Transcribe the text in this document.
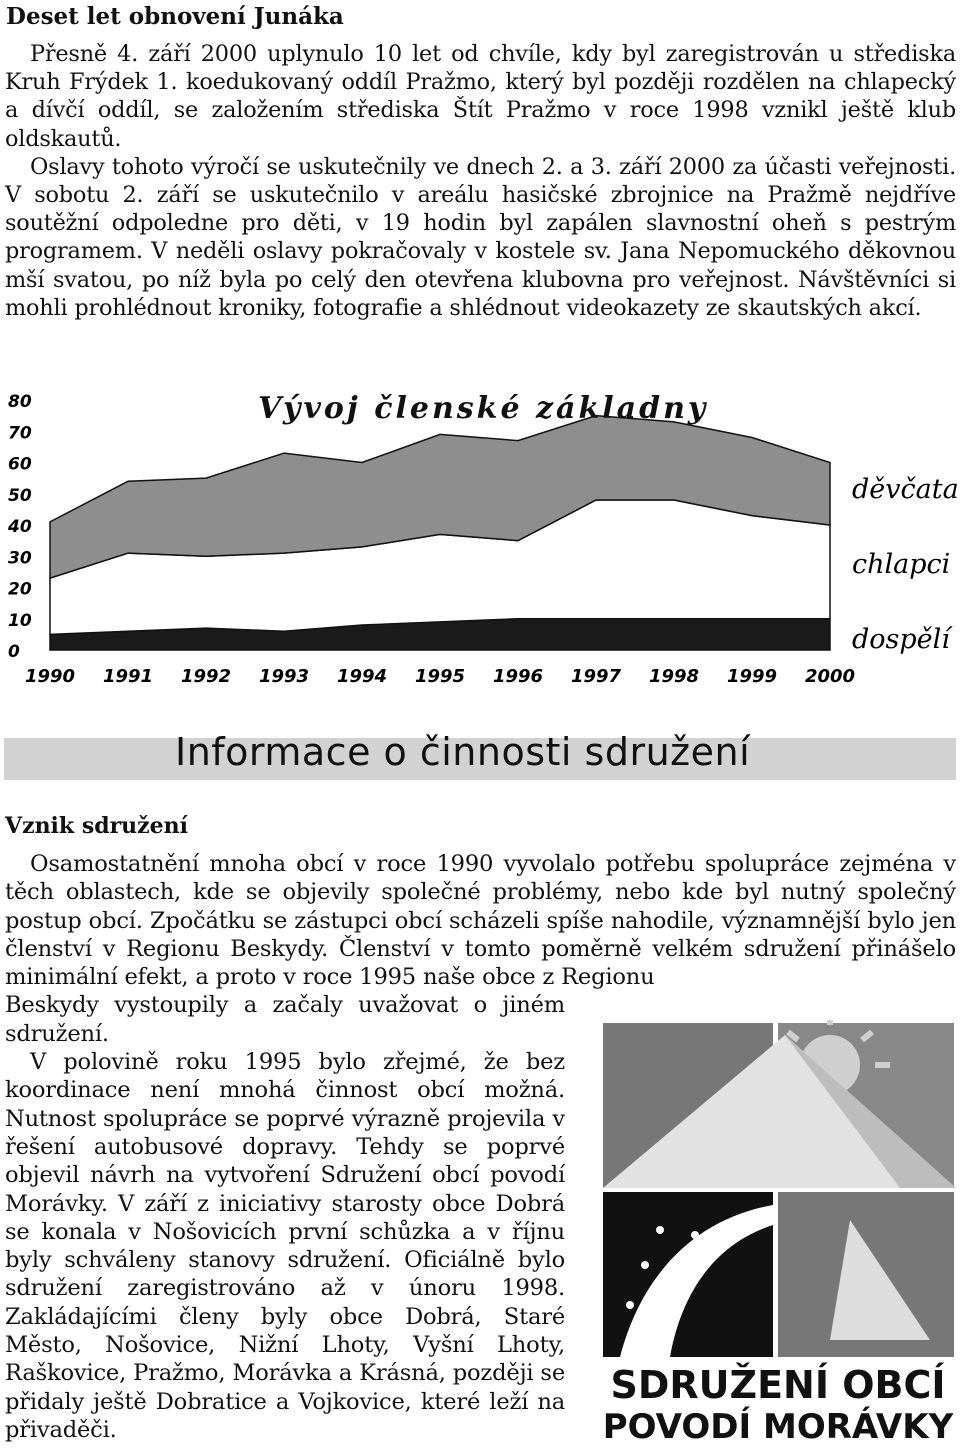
Deset let obnovení Junáka

Přesně 4. září 2000 uplynulo 10 let od chvíle, kdy byl zaregistrován u střediska Kruh Frýdek 1. koedukovaný oddíl Pražmo, který byl později rozdělen na chlapecký a dívčí oddíl, se založením střediska Štít Pražmo v roce 1998 vznikl ještě klub oldskautů.

Oslavy tohoto výročí se uskutečnily ve dnech 2. a 3. září 2000 za účasti veřejnosti. V sobotu 2. září se uskutečnilo v areálu hasičské zbrojnice na Pražmě nejdříve soutěžní odpoledne pro děti, v 19 hodin byl zapálen slavnostní oheň s pestrým programem. V neděli oslavy pokračovaly v kostele sv. Jana Nepomuckého děkovnou mší svatou, po níž byla po celý den otevřena klubovna pro veřejnost. Návštěvníci si mohli prohlédnout kroniky, fotografie a shlédnout videokazety ze skautských akcí.

80
70
60
50
40
30
20
10
0
1990 1991 1992 1993 1994 1995 1996 1997 1998 1999 2000
dospělí
chlapci
děvčata
Vývoj členské základny
Informace o činnosti sdružení
Vznik sdružení

Osamostatnění mnoha obcí v roce 1990 vyvolalo potřebu spolupráce zejména v těch oblastech, kde se objevily společné problémy, nebo kde byl nutný společný postup obcí. Zpočátku se zástupci obcí scházeli spíše nahodile, významnější bylo jen členství v Regionu Beskydy. Členství v tomto poměrně velkém sdružení přinášelo minimální efekt, a proto v roce 1995 naše obce z Regionu

Beskydy vystoupily a začaly uvažovat o jiném sdružení.

V polovině roku 1995 bylo zřejmé, že bez koordinace není mnohá činnost obcí možná. Nutnost spolupráce se poprvé výrazně projevila v řešení autobusové dopravy. Tehdy se poprvé objevil návrh na vytvoření Sdružení obcí povodí Morávky. V září z iniciativy starosty obce Dobrá se konala v Nošovicích první schůzka a v říjnu byly schváleny stanovy sdružení. Oficiálně bylo sdružení zaregistrováno až v únoru 1998. Zakládajícími členy byly obce Dobrá, Staré Město, Nošovice, Nižní Lhoty, Vyšní Lhoty, Raškovice, Pražmo, Morávka a Krásná, později se přidaly ještě Dobratice a Vojkovice, které leží na přivaděči.

SDRUŽENÍ OBCÍ
POVODÍ MORÁVKY
